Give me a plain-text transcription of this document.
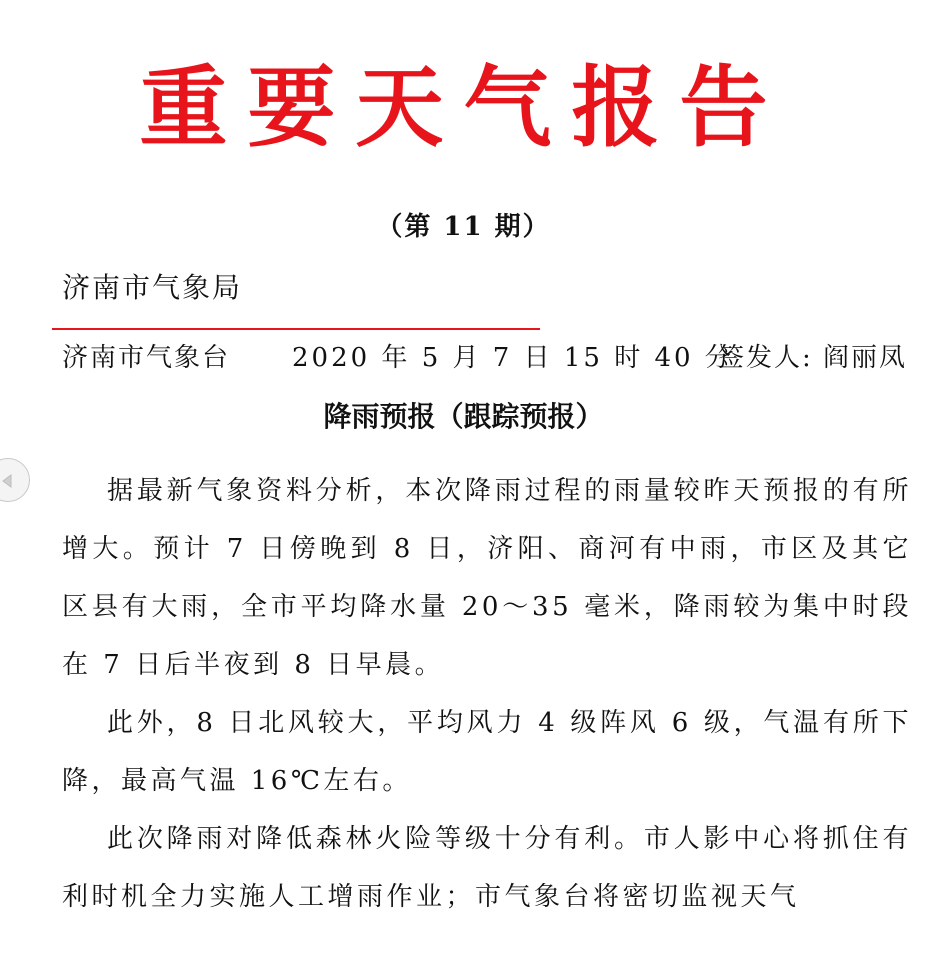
重要天气报告
（第 11 期）
济南市气象局
济南市气象台 2020 年 5 月 7 日 15 时 40 分
签发人: 阎丽凤
降雨预报（跟踪预报）

据最新气象资料分析，本次降雨过程的雨量较昨天预报的有所增大。预计 7 日傍晚到 8 日，济阳、商河有中雨，市区及其它区县有大雨，全市平均降水量 20～35 毫米，降雨较为集中时段在 7 日后半夜到 8 日早晨。

此外，8 日北风较大，平均风力 4 级阵风 6 级，气温有所下降，最高气温 16℃左右。

此次降雨对降低森林火险等级十分有利。市人影中心将抓住有利时机全力实施人工增雨作业；市气象台将密切监视天气
